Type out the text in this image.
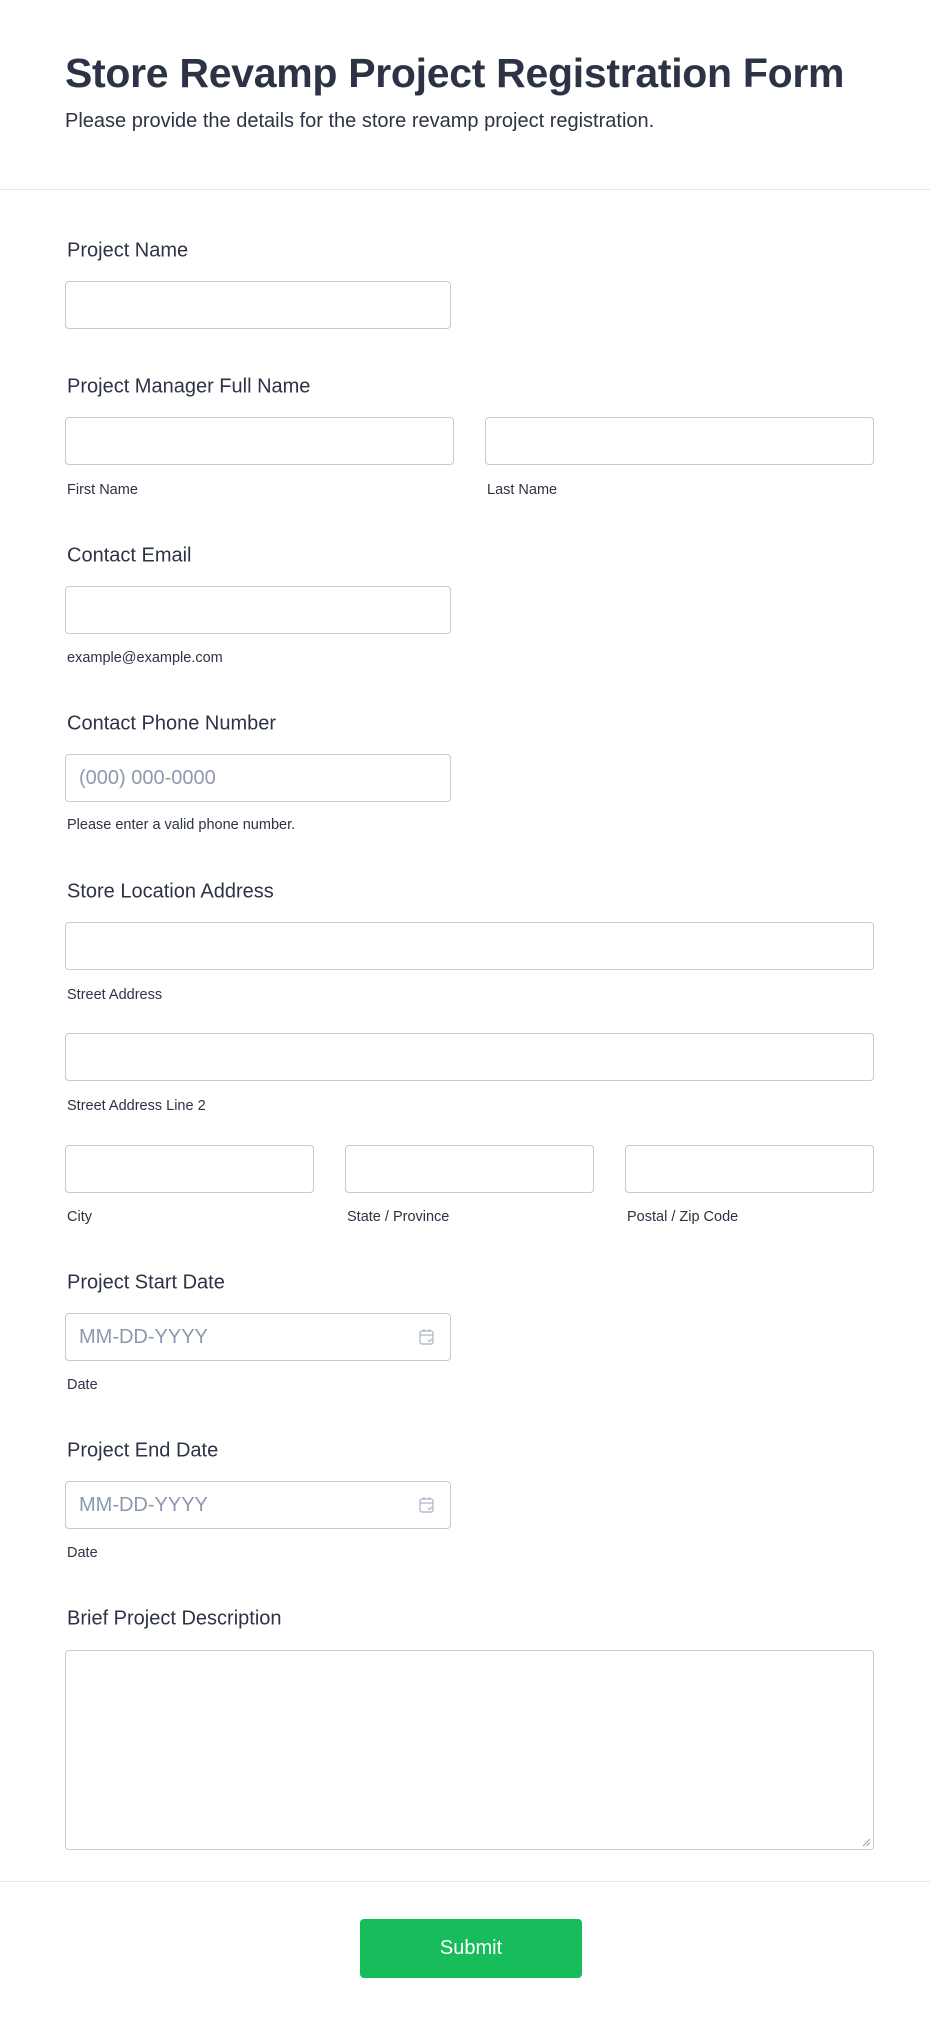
Store Revamp Project Registration Form
Please provide the details for the store revamp project registration.
Project Name
Project Manager Full Name
First Name	Last Name
Contact Email
example@example.com
Contact Phone Number
(000) 000-0000
Please enter a valid phone number.
Store Location Address
Street Address
Street Address Line 2
City	State / Province	Postal / Zip Code
Project Start Date
MM-DD-YYYY
Date
Project End Date
MM-DD-YYYY
Date
Brief Project Description
Submit
